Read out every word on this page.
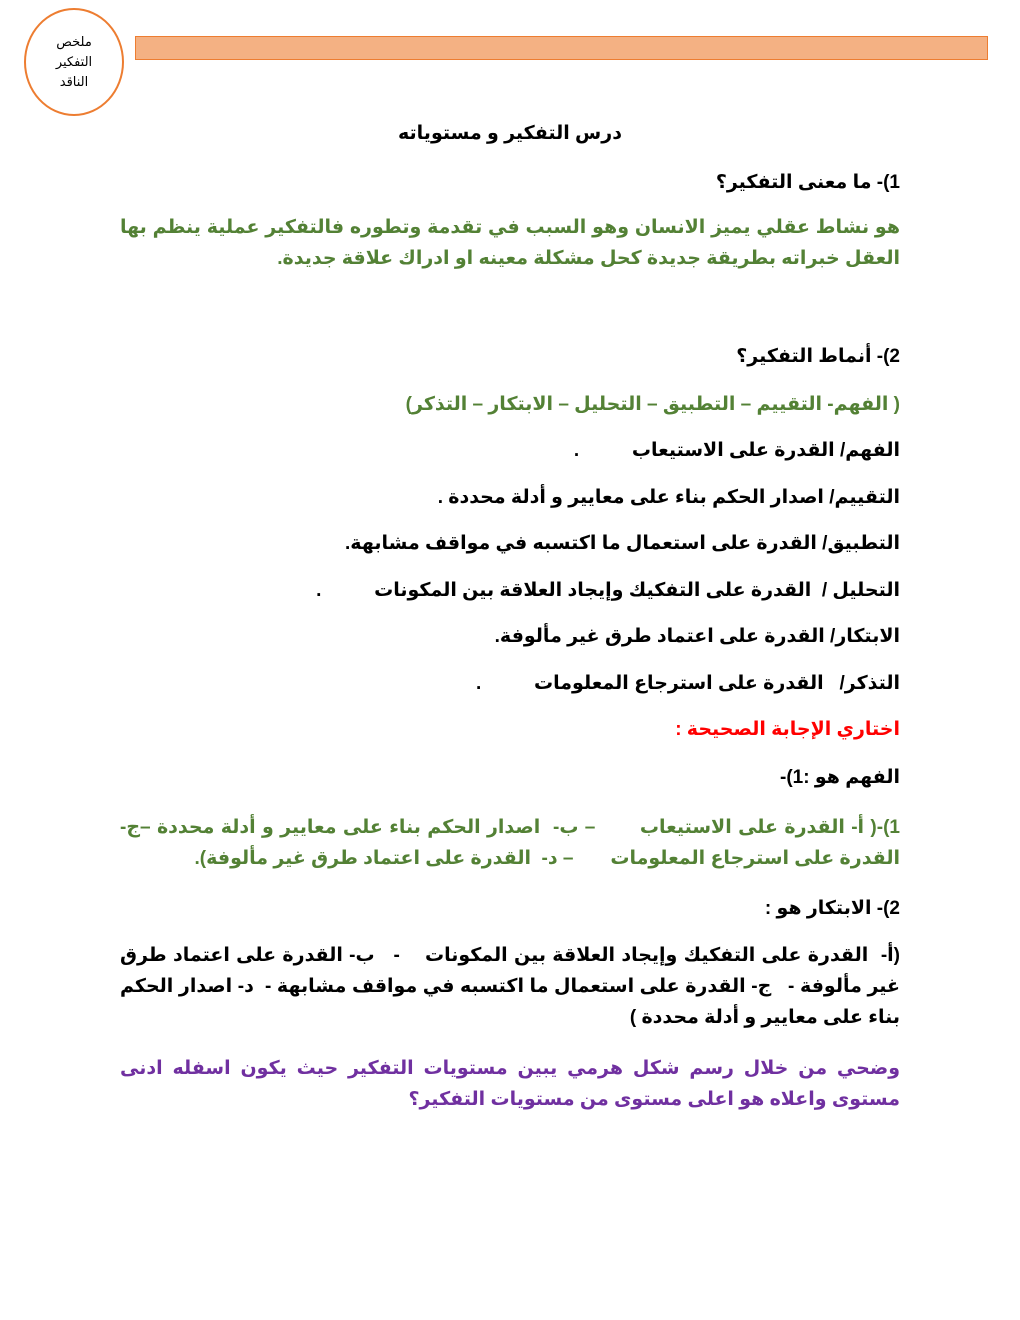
ملخص
التفكير
الناقد
درس التفكير و مستوياته
1)- ما معنى التفكير؟
هو نشاط عقلي يميز الانسان وهو السبب في تقدمة وتطوره فالتفكير عملية ينظم بها العقل خبراته بطريقة جديدة كحل مشكلة معينه او ادراك علاقة جديدة.
2)- أنماط التفكير؟
( الفهم- التقييم – التطبيق – التحليل – الابتكار – التذكر)
الفهم/ القدرة على الاستيعاب          .
التقييم/ اصدار الحكم بناء على معايير و أدلة محددة .
التطبيق/ القدرة على استعمال ما اكتسبه في مواقف مشابهة.
التحليل /  القدرة على التفكيك وإيجاد العلاقة بين المكونات          .
الابتكار/ القدرة على اعتماد طرق غير مألوفة.
التذكر/   القدرة على استرجاع المعلومات          .
اختاري الإجابة الصحيحة :
الفهم هو :1)-
1)-( أ- القدرة على الاستيعاب       – ب-  اصدار الحكم بناء على معايير و أدلة محددة –ج-  القدرة على استرجاع المعلومات       – د-  القدرة على اعتماد طرق غير مألوفة).
2)- الابتكار هو :
(أ-  القدرة على التفكيك وإيجاد العلاقة بين المكونات    -   ب- القدرة على اعتماد طرق غير مألوفة -   ج- القدرة على استعمال ما اكتسبه في مواقف مشابهة -  د- اصدار الحكم بناء على معايير و أدلة محددة )
وضحي من خلال رسم شكل هرمي يبين مستويات التفكير حيث يكون اسفله ادنى مستوى واعلاه هو اعلى مستوى من مستويات التفكير؟
